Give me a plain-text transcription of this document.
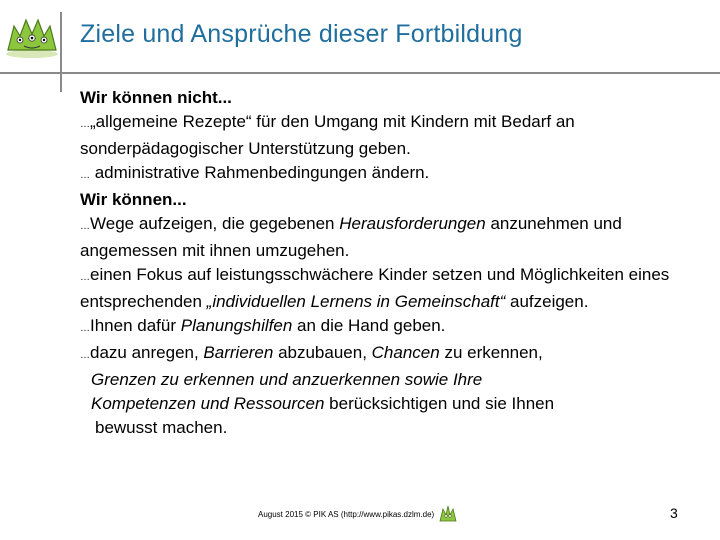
Ziele und Ansprüche dieser Fortbildung

Wir können nicht...

…„allgemeine Rezepte“ für den Umgang mit Kindern mit Bedarf an sonderpädagogischer Unterstützung geben.

… administrative Rahmenbedingungen ändern.

Wir können...

…Wege aufzeigen, die gegebenen Herausforderungen anzunehmen und angemessen mit ihnen umzugehen.

…einen Fokus auf leistungsschwächere Kinder setzen und Möglichkeiten eines entsprechenden „individuellen Lernens in Gemeinschaft“ aufzeigen.

…Ihnen dafür Planungshilfen an die Hand geben.

…dazu anregen, Barrieren abzubauen, Chancen zu erkennen,

Grenzen zu erkennen und anzuerkennen sowie Ihre

Kompetenzen und Ressourcen berücksichtigen und sie Ihnen

bewusst machen.

August 2015 © PIK AS (http://www.pikas.dzlm.de)	3
